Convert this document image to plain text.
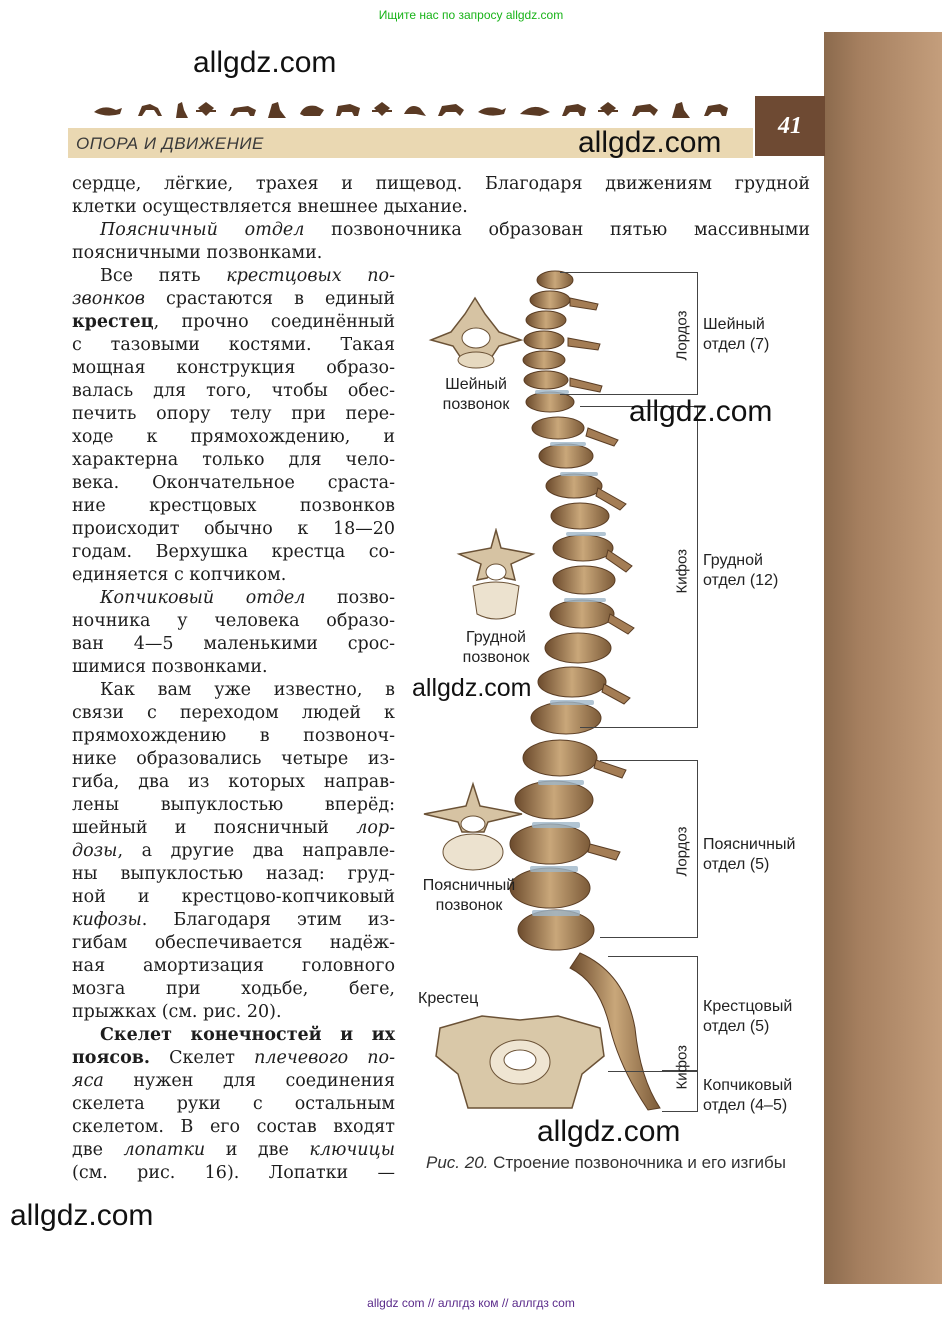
Ищите нас по запросу allgdz.com
allgdz.com
ОПОРА И ДВИЖЕНИЕ
41
allgdz.com

сердце, лёгкие, трахея и пищевод. Благодаря движениям грудной

клетки осуществляется внешнее дыхание.

Поясничный отдел позвоночника образован пятью массивными

поясничными позвонками.

Все пять крестцовых по-

звонков срастаются в единый

крестец, прочно соединённый

с тазовыми костями. Такая

мощная конструкция образо-

валась для того, чтобы обес-

печить опору телу при пере-

ходе к прямохождению, и

характерна только для чело-

века. Окончательное сраста-

ние крестцовых позвонков

происходит обычно к 18—20

годам. Верхушка крестца со-

единяется с копчиком.

Копчиковый отдел позво-

ночника у человека образо-

ван 4—5 маленькими срос-

шимися позвонками.

Как вам уже известно, в

связи с переходом людей к

прямохождению в позвоноч-

нике образовались четыре из-

гиба, два из которых направ-

лены выпуклостью вперёд:

шейный и поясничный лор-

дозы, а другие два направле-

ны выпуклостью назад: груд-

ной и крестцово-копчиковый

кифозы. Благодаря этим из-

гибам обеспечивается надёж-

ная амортизация головного

мозга при ходьбе, беге,

прыжках (см. рис. 20).

Скелет конечностей и их

поясов. Скелет плечевого по-

яса нужен для соединения

скелета руки с остальным

скелетом. В его состав входят

две лопатки и две ключицы

(см. рис. 16). Лопатки —

Шейный
позвонок
Грудной
позвонок
Поясничный
позвонок
Крестец
Лордоз
Кифоз
Лордоз
Кифоз
Шейный
отдел (7)
Грудной
отдел (12)
Поясничный
отдел (5)
Крестцовый
отдел (5)
Копчиковый
отдел (4–5)
allgdz.com
allgdz.com
allgdz.com
allgdz.com
Рис. 20. Строение позвоночника и его изгибы
allgdz com // аллгдз ком // аллгдз com
